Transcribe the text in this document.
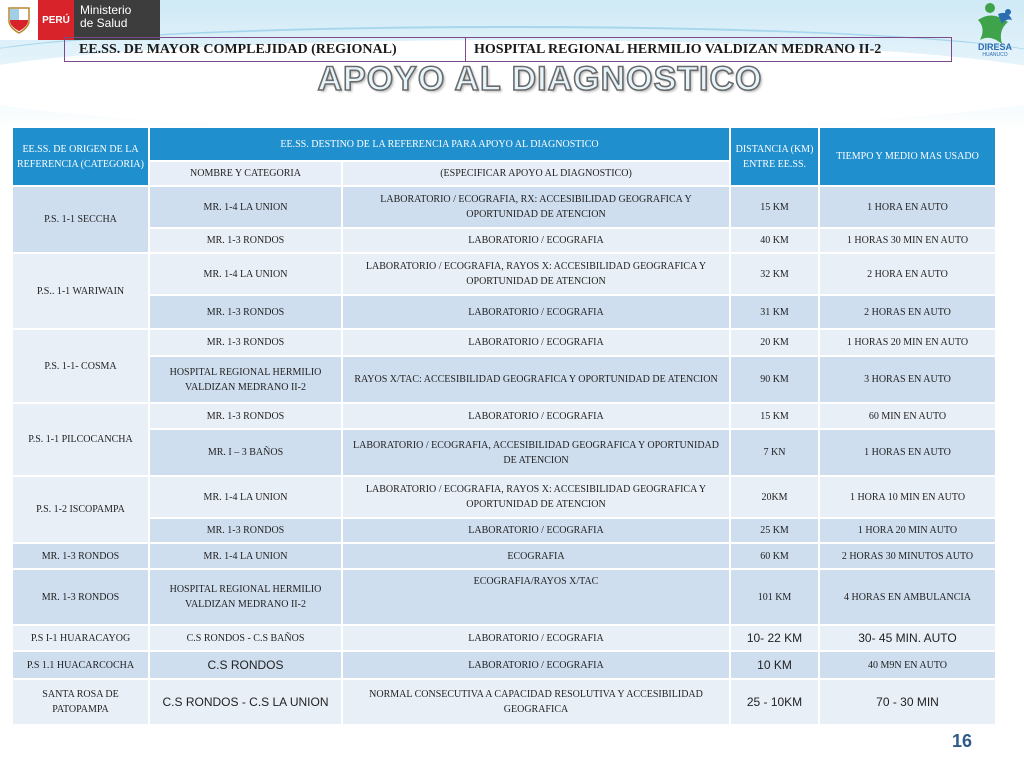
PERÚ
Ministerio
de Salud
DIRESA
HUANUCO
EE.SS. DE MAYOR COMPLEJIDAD (REGIONAL)	HOSPITAL REGIONAL HERMILIO VALDIZAN MEDRANO II-2
APOYO AL DIAGNOSTICO
EE.SS. DE ORIGEN DE LA REFERENCIA (CATEGORIA)	EE.SS. DESTINO DE LA REFERENCIA PARA APOYO AL DIAGNOSTICO		DISTANCIA (KM) ENTRE EE.SS.	TIEMPO Y MEDIO MAS USADO
	NOMBRE Y CATEGORIA	(ESPECIFICAR APOYO AL DIAGNOSTICO)		
P.S. 1-1 SECCHA	MR. 1-4 LA UNION	LABORATORIO / ECOGRAFIA, RX: ACCESIBILIDAD GEOGRAFICA Y OPORTUNIDAD DE ATENCION	15 KM	1 HORA EN AUTO
	MR. 1-3 RONDOS	LABORATORIO / ECOGRAFIA	40 KM	1 HORAS 30 MIN EN AUTO
P.S.. 1-1 WARIWAIN	MR. 1-4 LA UNION	LABORATORIO / ECOGRAFIA, RAYOS X: ACCESIBILIDAD GEOGRAFICA Y OPORTUNIDAD DE ATENCION	32 KM	2 HORA EN AUTO
	MR. 1-3 RONDOS	LABORATORIO / ECOGRAFIA	31 KM	2 HORAS EN AUTO
P.S. 1-1- COSMA	MR. 1-3 RONDOS	LABORATORIO / ECOGRAFIA	20 KM	1 HORAS 20 MIN EN AUTO
	HOSPITAL REGIONAL HERMILIO VALDIZAN MEDRANO II-2	RAYOS X/TAC: ACCESIBILIDAD GEOGRAFICA Y OPORTUNIDAD DE ATENCION	90 KM	3 HORAS EN AUTO
P.S. 1-1 PILCOCANCHA	MR. 1-3 RONDOS	LABORATORIO / ECOGRAFIA	15 KM	60 MIN EN AUTO
	MR. I – 3 BAÑOS	LABORATORIO / ECOGRAFIA, ACCESIBILIDAD GEOGRAFICA Y OPORTUNIDAD DE ATENCION	7 KN	1 HORAS EN AUTO
P.S. 1-2 ISCOPAMPA	MR. 1-4 LA UNION	LABORATORIO / ECOGRAFIA, RAYOS X: ACCESIBILIDAD GEOGRAFICA Y OPORTUNIDAD DE ATENCION	20KM	1 HORA 10 MIN EN AUTO
	MR. 1-3 RONDOS	LABORATORIO / ECOGRAFIA	25 KM	1 HORA 20 MIN AUTO
MR. 1-3 RONDOS	MR. 1-4 LA UNION	ECOGRAFIA	60 KM	2 HORAS 30 MINUTOS AUTO
MR. 1-3 RONDOS	HOSPITAL REGIONAL HERMILIO VALDIZAN MEDRANO II-2	ECOGRAFIA/RAYOS X/TAC	101 KM	4 HORAS EN AMBULANCIA
P.S I-1 HUARACAYOG	C.S RONDOS - C.S BAÑOS	LABORATORIO / ECOGRAFIA	10- 22 KM	30- 45 MIN. AUTO
P.S 1.1 HUACARCOCHA	C.S RONDOS	LABORATORIO / ECOGRAFIA	10 KM	40 M9N EN AUTO
SANTA ROSA DE PATOPAMPA	C.S RONDOS - C.S LA UNION	NORMAL CONSECUTIVA A CAPACIDAD RESOLUTIVA Y ACCESIBILIDAD GEOGRAFICA	25 - 10KM	70 - 30 MIN
16
